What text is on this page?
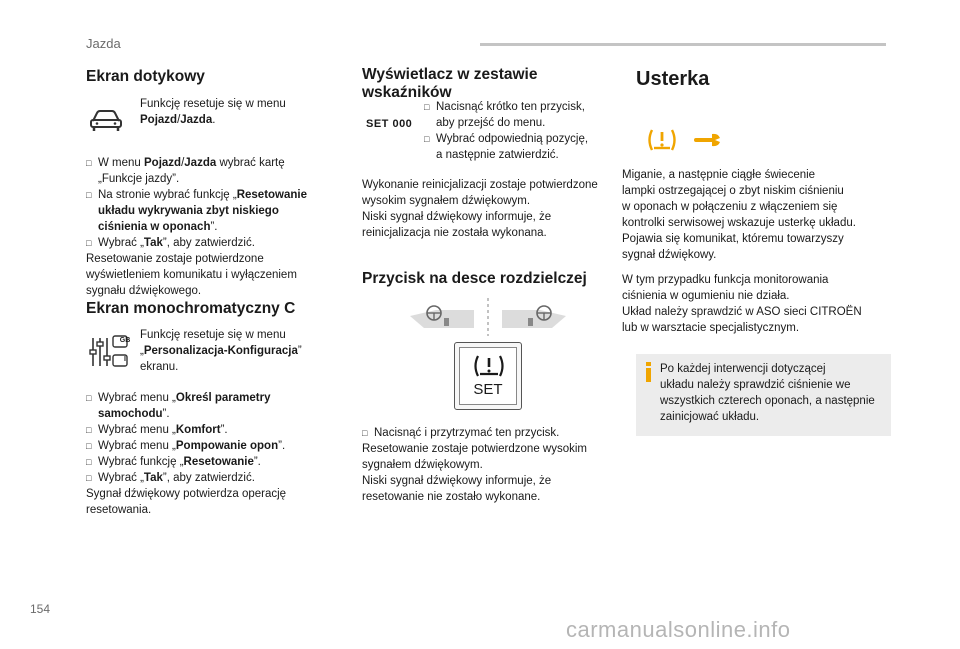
Jazda
Ekran dotykowy

Funkcję resetuje się w menu

Pojazd/Jazda.

□ W menu Pojazd/Jazda wybrać kartę
„Funkcje jazdy”.
□ Na stronie wybrać funkcję „Resetowanie
układu wykrywania zbyt niskiego
ciśnienia w oponach”.
□ Wybrać „Tak”, aby zatwierdzić.

Resetowanie zostaje potwierdzone

wyświetleniem komunikatu i wyłączeniem

sygnału dźwiękowego.

Ekran monochromatyczny C
GB
I

Funkcję resetuje się w menu

„Personalizacja-Konfiguracja”

ekranu.

□ Wybrać menu „Określ parametry
samochodu”.
□ Wybrać menu „Komfort”.
□ Wybrać menu „Pompowanie opon”.
□ Wybrać funkcję „Resetowanie”.
□ Wybrać „Tak”, aby zatwierdzić.

Sygnał dźwiękowy potwierdza operację

resetowania.

Wyświetlacz w zestawie
wskaźników
SET 000
□ Nacisnąć krótko ten przycisk,
aby przejść do menu.
□ Wybrać odpowiednią pozycję,
a następnie zatwierdzić.

Wykonanie reinicjalizacji zostaje potwierdzone

wysokim sygnałem dźwiękowym.

Niski sygnał dźwiękowy informuje, że

reinicjalizacja nie została wykonana.

Przycisk na desce rozdzielczej
SET
□ Nacisnąć i przytrzymać ten przycisk.

Resetowanie zostaje potwierdzone wysokim

sygnałem dźwiękowym.

Niski sygnał dźwiękowy informuje, że

resetowanie nie zostało wykonane.

Usterka

Miganie, a następnie ciągłe świecenie

lampki ostrzegającej o zbyt niskim ciśnieniu

w oponach w połączeniu z włączeniem się

kontrolki serwisowej wskazuje usterkę układu.

Pojawia się komunikat, któremu towarzyszy

sygnał dźwiękowy.

W tym przypadku funkcja monitorowania

ciśnienia w ogumieniu nie działa.

Układ należy sprawdzić w ASO sieci CITROËN

lub w warsztacie specjalistycznym.

Po każdej interwencji dotyczącej

układu należy sprawdzić ciśnienie we

wszystkich czterech oponach, a następnie

zainicjować układu.

154
carmanualsonline.info
